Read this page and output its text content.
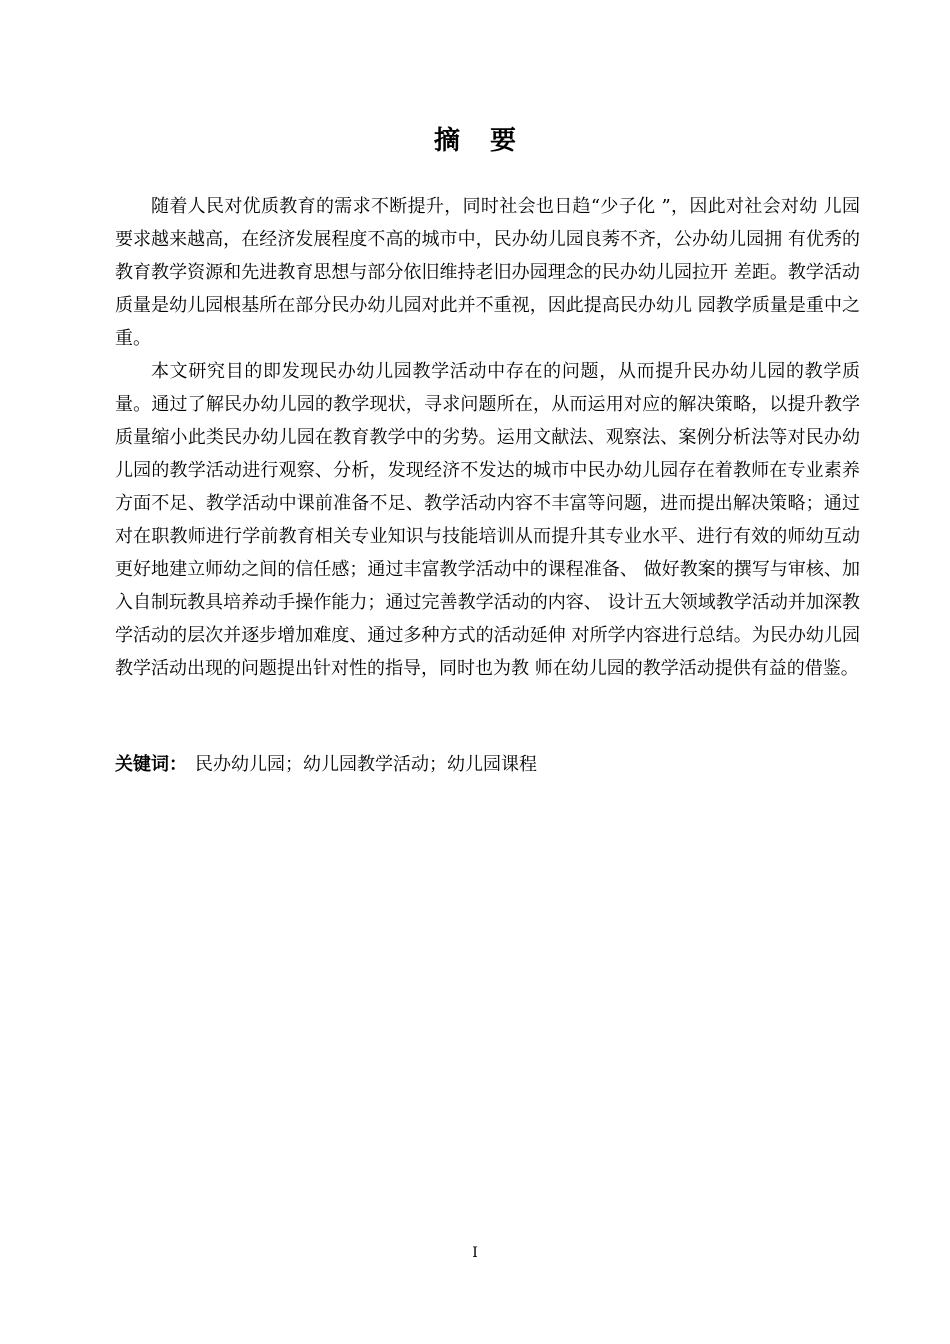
摘要

随着人民对优质教育的需求不断提升，同时社会也日趋“少子化 ”，因此对社会对幼 儿园要求越来越高，在经济发展程度不高的城市中，民办幼儿园良莠不齐，公办幼儿园拥 有优秀的教育教学资源和先进教育思想与部分依旧维持老旧办园理念的民办幼儿园拉开 差距。教学活动质量是幼儿园根基所在部分民办幼儿园对此并不重视，因此提高民办幼儿 园教学质量是重中之重。

本文研究目的即发现民办幼儿园教学活动中存在的问题，从而提升民办幼儿园的教学质量。通过了解民办幼儿园的教学现状，寻求问题所在，从而运用对应的解决策略，以提升教学质量缩小此类民办幼儿园在教育教学中的劣势。运用文献法、观察法、案例分析法等对民办幼儿园的教学活动进行观察、分析，发现经济不发达的城市中民办幼儿园存在着教师在专业素养方面不足、教学活动中课前准备不足、教学活动内容不丰富等问题，进而提出解决策略；通过对在职教师进行学前教育相关专业知识与技能培训从而提升其专业水平、进行有效的师幼互动更好地建立师幼之间的信任感；通过丰富教学活动中的课程准备、 做好教案的撰写与审核、加入自制玩教具培养动手操作能力；通过完善教学活动的内容、 设计五大领域教学活动并加深教学活动的层次并逐步增加难度、通过多种方式的活动延伸 对所学内容进行总结。为民办幼儿园教学活动出现的问题提出针对性的指导，同时也为教 师在幼儿园的教学活动提供有益的借鉴。

关键词： 民办幼儿园；幼儿园教学活动；幼儿园课程
I
